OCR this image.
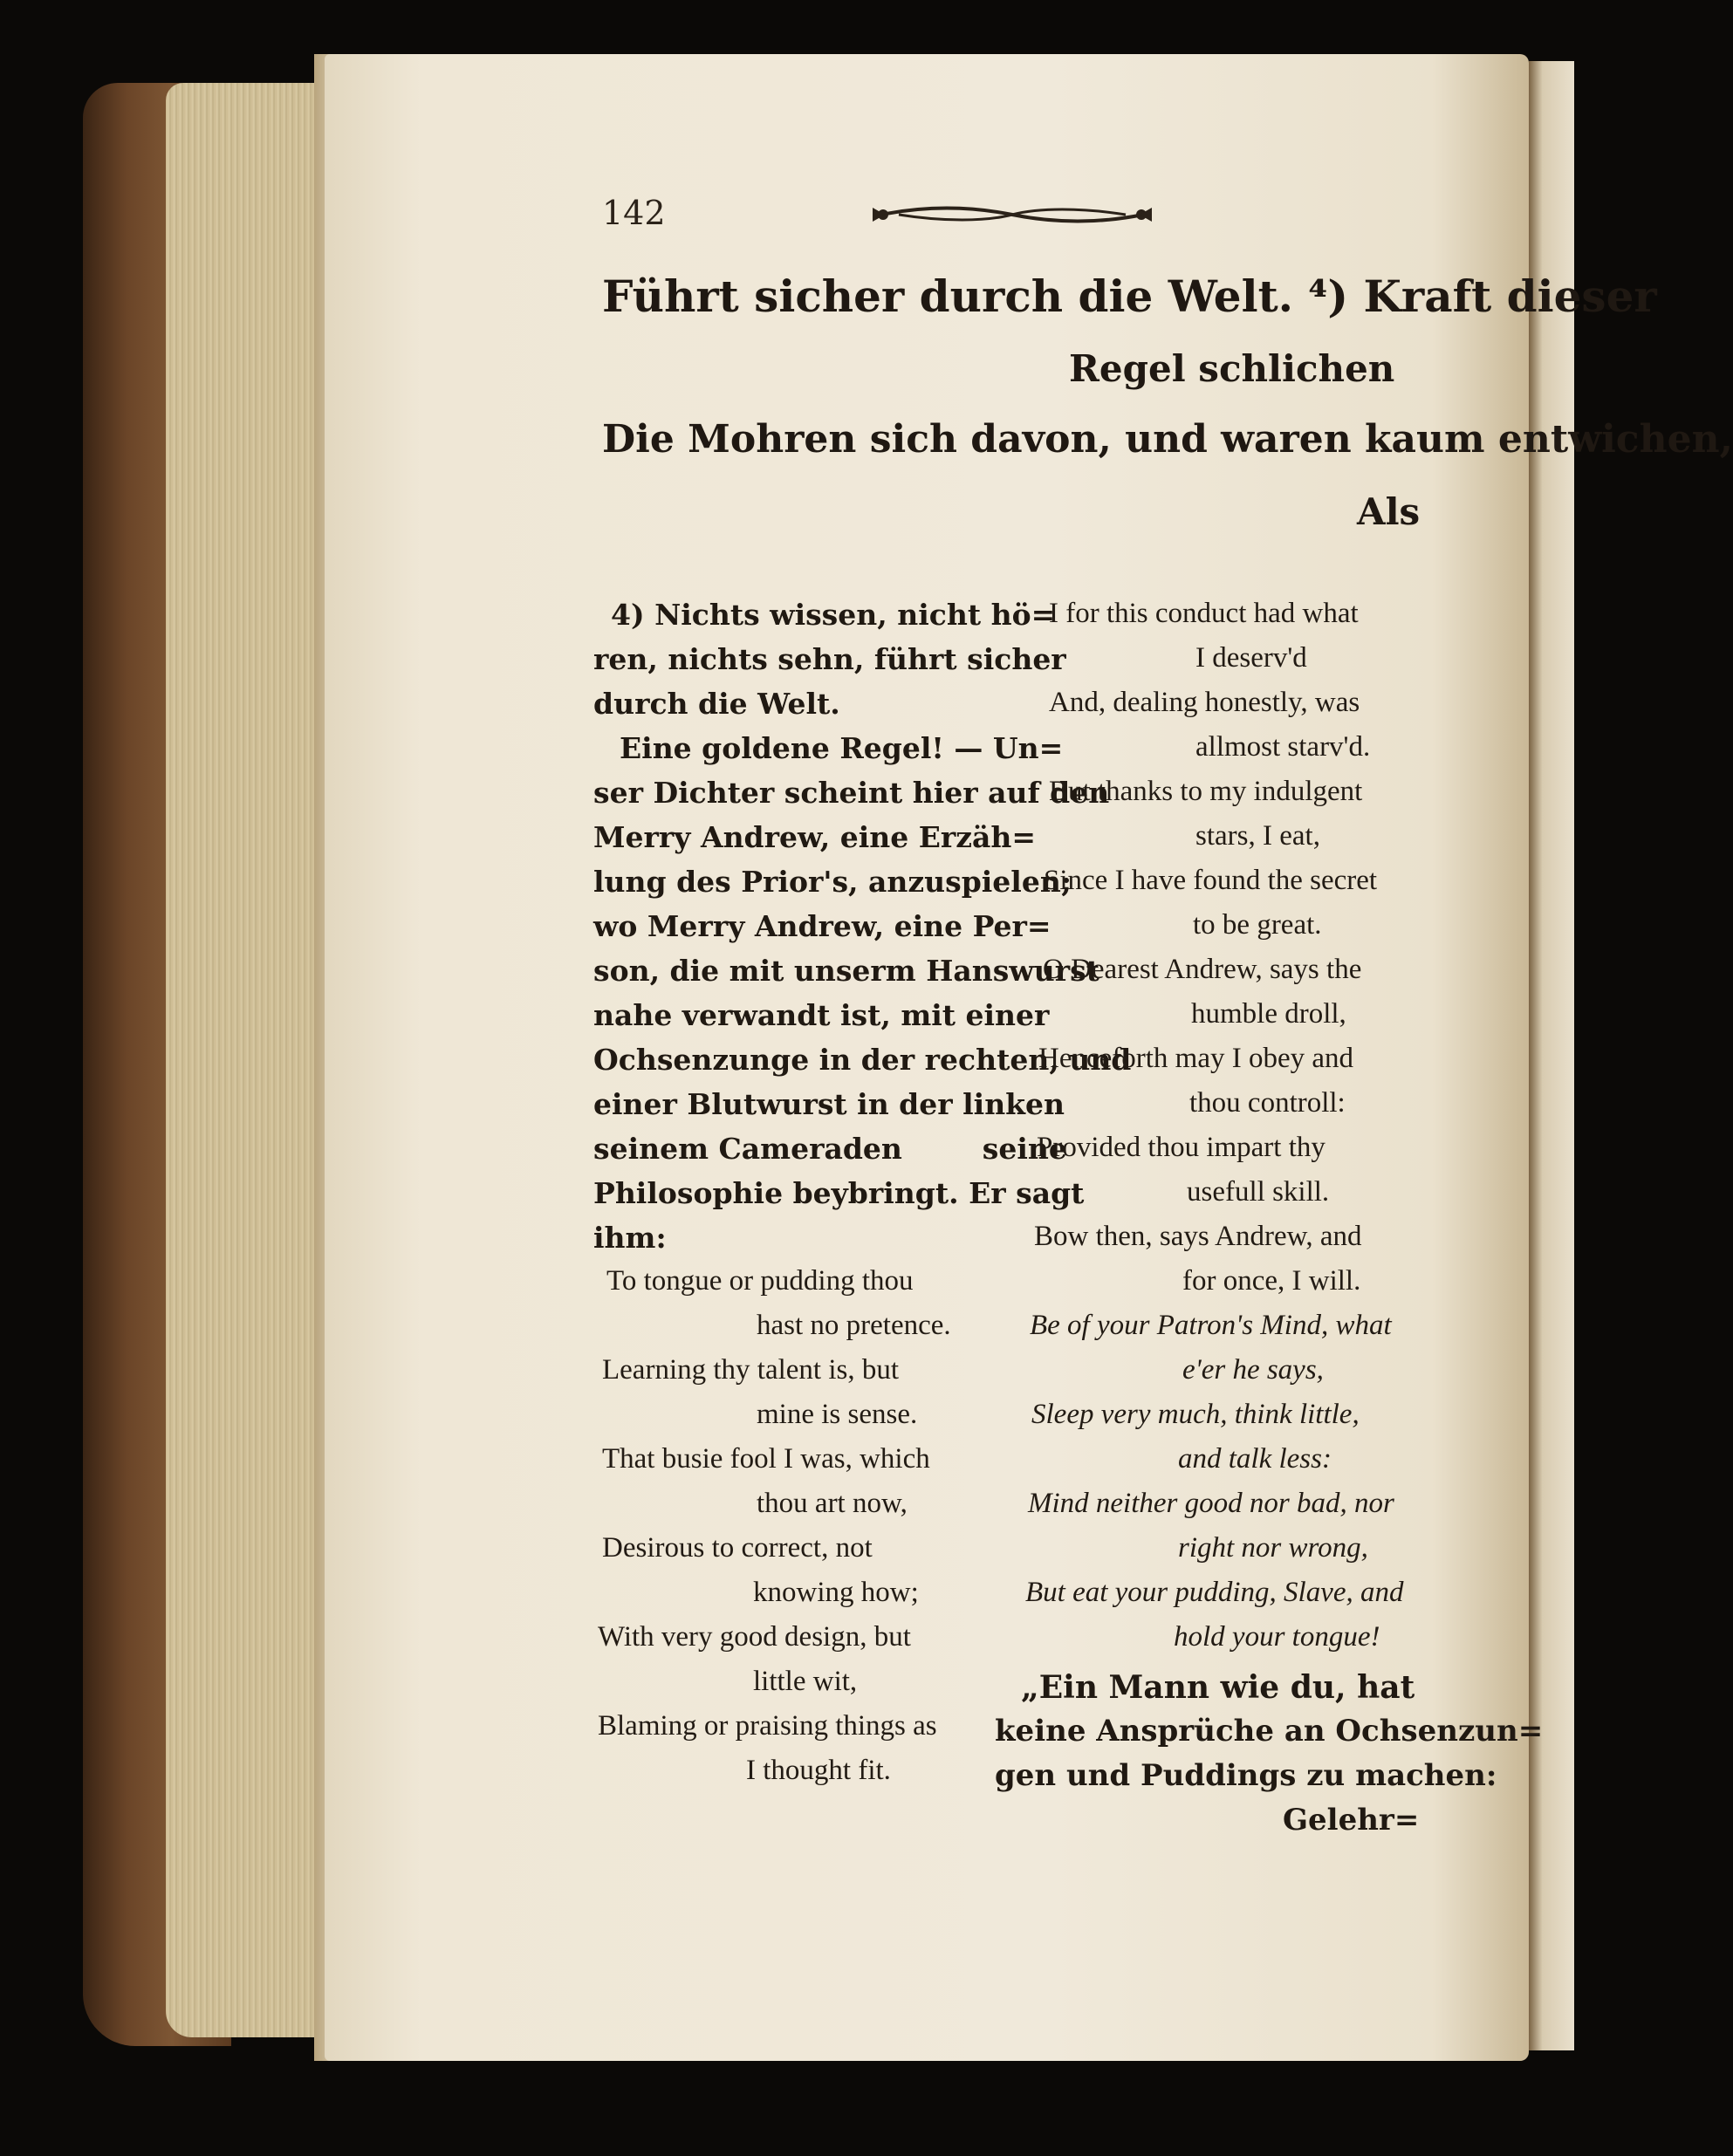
142
Führt sicher durch die Welt. ⁴) Kraft dieser
Regel schlichen
Die Mohren sich davon, und waren kaum entwichen,
Als
4) Nichts wissen, nicht hö=
ren, nichts sehn, führt sicher
durch die Welt.
Eine goldene Regel! — Un=
ser Dichter scheint hier auf den
Merry Andrew, eine Erzäh=
lung des Prior's, anzuspielen;
wo Merry Andrew, eine Per=
son, die mit unserm Hanswurst
nahe verwandt ist, mit einer
Ochsenzunge in der rechten, und
einer Blutwurst in der linken
seinem Cameraden        seine
Philosophie beybringt. Er sagt
ihm:
To tongue or pudding thou
hast no pretence.
Learning thy talent is, but
mine is sense.
That busie fool I was, which
thou art now,
Desirous to correct, not
knowing how;
With very good design, but
little wit,
Blaming or praising things as
I thought fit.
I for this conduct had what
I deserv'd
And, dealing honestly, was
allmost starv'd.
But thanks to my indulgent
stars, I eat,
Since I have found the secret
to be great.
O Dearest Andrew, says the
humble droll,
Henceforth may I obey and
thou controll:
Provided thou impart thy
usefull skill.
Bow then, says Andrew, and
for once, I will.
Be of your Patron's Mind, what
e'er he says,
Sleep very much, think little,
and talk less:
Mind neither good nor bad, nor
right nor wrong,
But eat your pudding, Slave, and
hold your tongue!
„Ein Mann wie du, hat
keine Ansprüche an Ochsenzun=
gen und Puddings zu machen:
Gelehr=
